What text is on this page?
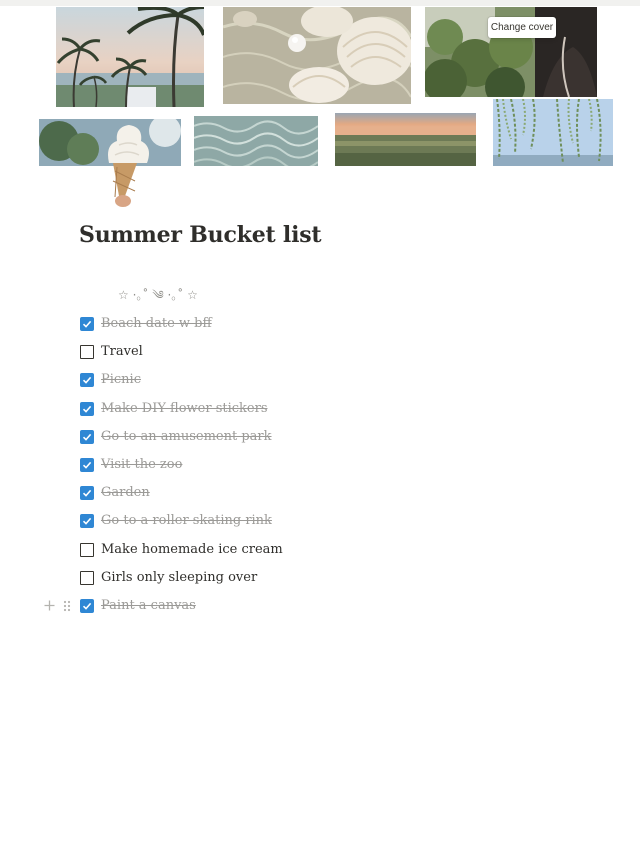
Change cover
Summer Bucket list
☆ ·｡˚ ༄ ·｡˚ ☆
Beach date w bff
Travel
Picnic
Make DIY flower stickers
Go to an amusement park
Visit the zoo
Garden
Go to a roller skating rink
Make homemade ice cream
Girls only sleeping over
Paint a canvas
